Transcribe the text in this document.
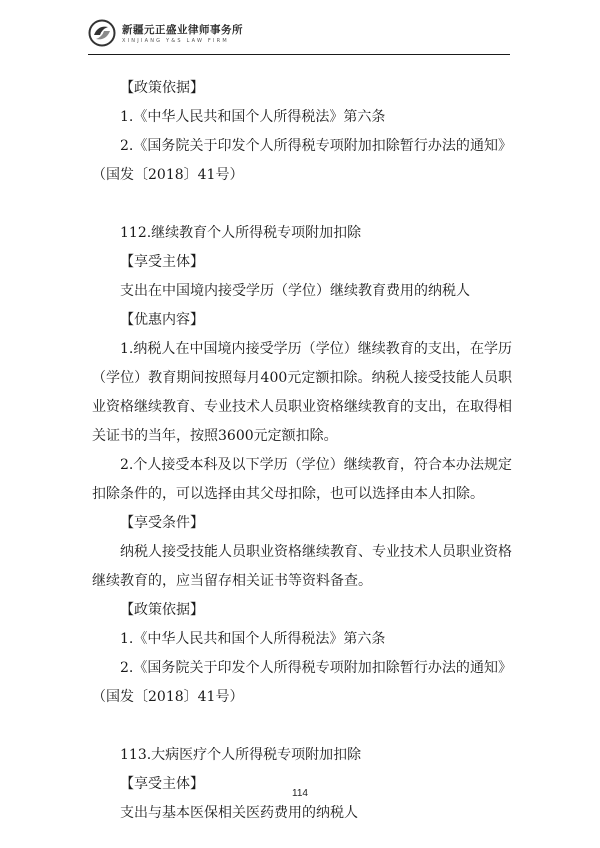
新疆元正盛业律师事务所
XINJIANG Y&S LAW FIRM
【政策依据】
1.《中华人民共和国个人所得税法》第六条
2.《国务院关于印发个人所得税专项附加扣除暂行办法的通知》（国发〔2018〕41号）
112.继续教育个人所得税专项附加扣除
【享受主体】
支出在中国境内接受学历（学位）继续教育费用的纳税人
【优惠内容】
1.纳税人在中国境内接受学历（学位）继续教育的支出，在学历（学位）教育期间按照每月400元定额扣除。纳税人接受技能人员职业资格继续教育、专业技术人员职业资格继续教育的支出，在取得相关证书的当年，按照3600元定额扣除。
2.个人接受本科及以下学历（学位）继续教育，符合本办法规定扣除条件的，可以选择由其父母扣除，也可以选择由本人扣除。
【享受条件】
纳税人接受技能人员职业资格继续教育、专业技术人员职业资格继续教育的，应当留存相关证书等资料备查。
【政策依据】
1.《中华人民共和国个人所得税法》第六条
2.《国务院关于印发个人所得税专项附加扣除暂行办法的通知》（国发〔2018〕41号）
113.大病医疗个人所得税专项附加扣除
【享受主体】
支出与基本医保相关医药费用的纳税人
114
